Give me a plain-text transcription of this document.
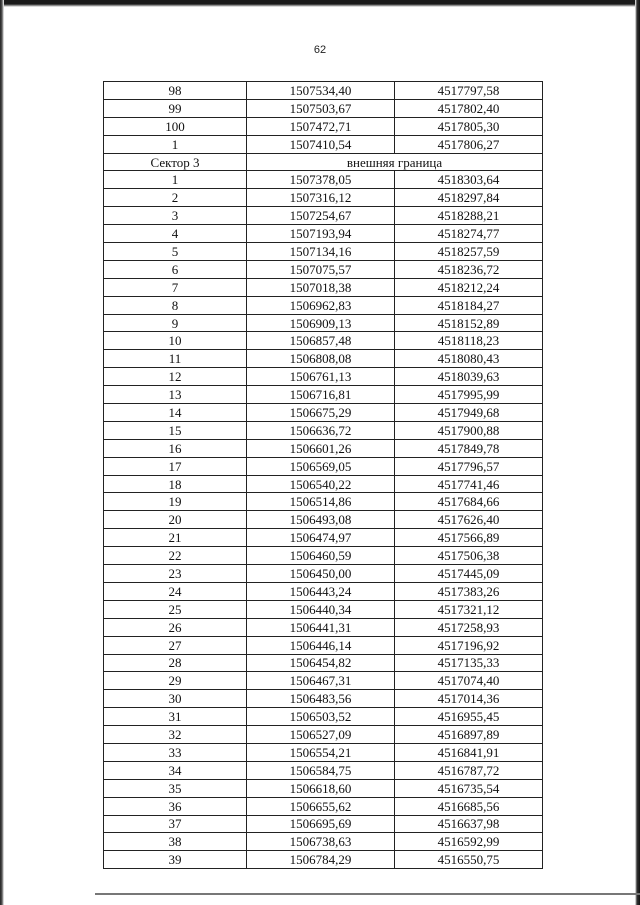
62
98	1507534,40	4517797,58
99	1507503,67	4517802,40
100	1507472,71	4517805,30
1	1507410,54	4517806,27
Сектор 3	внешняя граница	
1	1507378,05	4518303,64
2	1507316,12	4518297,84
3	1507254,67	4518288,21
4	1507193,94	4518274,77
5	1507134,16	4518257,59
6	1507075,57	4518236,72
7	1507018,38	4518212,24
8	1506962,83	4518184,27
9	1506909,13	4518152,89
10	1506857,48	4518118,23
11	1506808,08	4518080,43
12	1506761,13	4518039,63
13	1506716,81	4517995,99
14	1506675,29	4517949,68
15	1506636,72	4517900,88
16	1506601,26	4517849,78
17	1506569,05	4517796,57
18	1506540,22	4517741,46
19	1506514,86	4517684,66
20	1506493,08	4517626,40
21	1506474,97	4517566,89
22	1506460,59	4517506,38
23	1506450,00	4517445,09
24	1506443,24	4517383,26
25	1506440,34	4517321,12
26	1506441,31	4517258,93
27	1506446,14	4517196,92
28	1506454,82	4517135,33
29	1506467,31	4517074,40
30	1506483,56	4517014,36
31	1506503,52	4516955,45
32	1506527,09	4516897,89
33	1506554,21	4516841,91
34	1506584,75	4516787,72
35	1506618,60	4516735,54
36	1506655,62	4516685,56
37	1506695,69	4516637,98
38	1506738,63	4516592,99
39	1506784,29	4516550,75
